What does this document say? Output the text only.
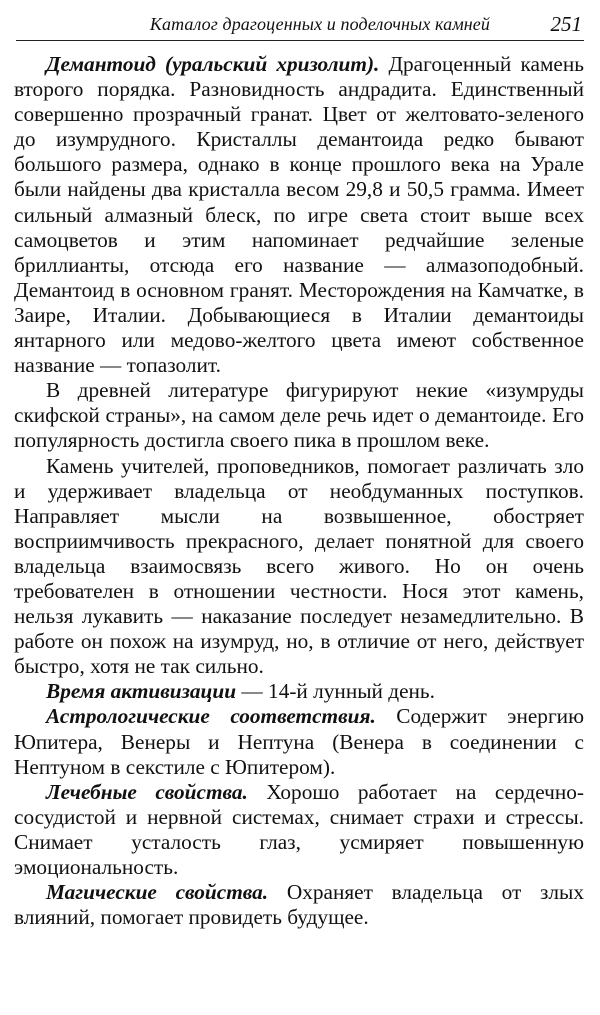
Каталог драгоценных и поделочных камней	251

Демантоид (уральский хризолит). Драгоценный камень второго порядка. Разновидность андрадита. Единственный совершенно прозрачный гранат. Цвет от желтовато-зеленого до изумрудного. Кристаллы демантоида редко бывают большого размера, однако в конце прошлого века на Урале были найдены два кристалла весом 29,8 и 50,5 грамма. Имеет сильный алмазный блеск, по игре света стоит выше всех самоцветов и этим напоминает редчайшие зеленые бриллианты, отсюда его название — алмазоподобный. Демантоид в основном гранят. Месторождения на Камчатке, в Заире, Италии. Добывающиеся в Италии демантоиды янтарного или медово-желтого цвета имеют собственное название — топазолит.

В древней литературе фигурируют некие «изумруды скифской страны», на самом деле речь идет о демантоиде. Его популярность достигла своего пика в прошлом веке.

Камень учителей, проповедников, помогает различать зло и удерживает владельца от необдуманных поступков. Направляет мысли на возвышенное, обостряет восприимчивость прекрасного, делает понятной для своего владельца взаимосвязь всего живого. Но он очень требователен в отношении честности. Нося этот камень, нельзя лукавить — наказание последует незамедлительно. В работе он похож на изумруд, но, в отличие от него, действует быстро, хотя не так сильно.

Время активизации — 14-й лунный день.

Астрологические соответствия. Содержит энергию Юпитера, Венеры и Нептуна (Венера в соединении с Нептуном в секстиле с Юпитером).

Лечебные свойства. Хорошо работает на сердечно-сосудистой и нервной системах, снимает страхи и стрессы. Снимает усталость глаз, усмиряет повышенную эмоциональность.

Магические свойства. Охраняет владельца от злых влияний, помогает провидеть будущее.
